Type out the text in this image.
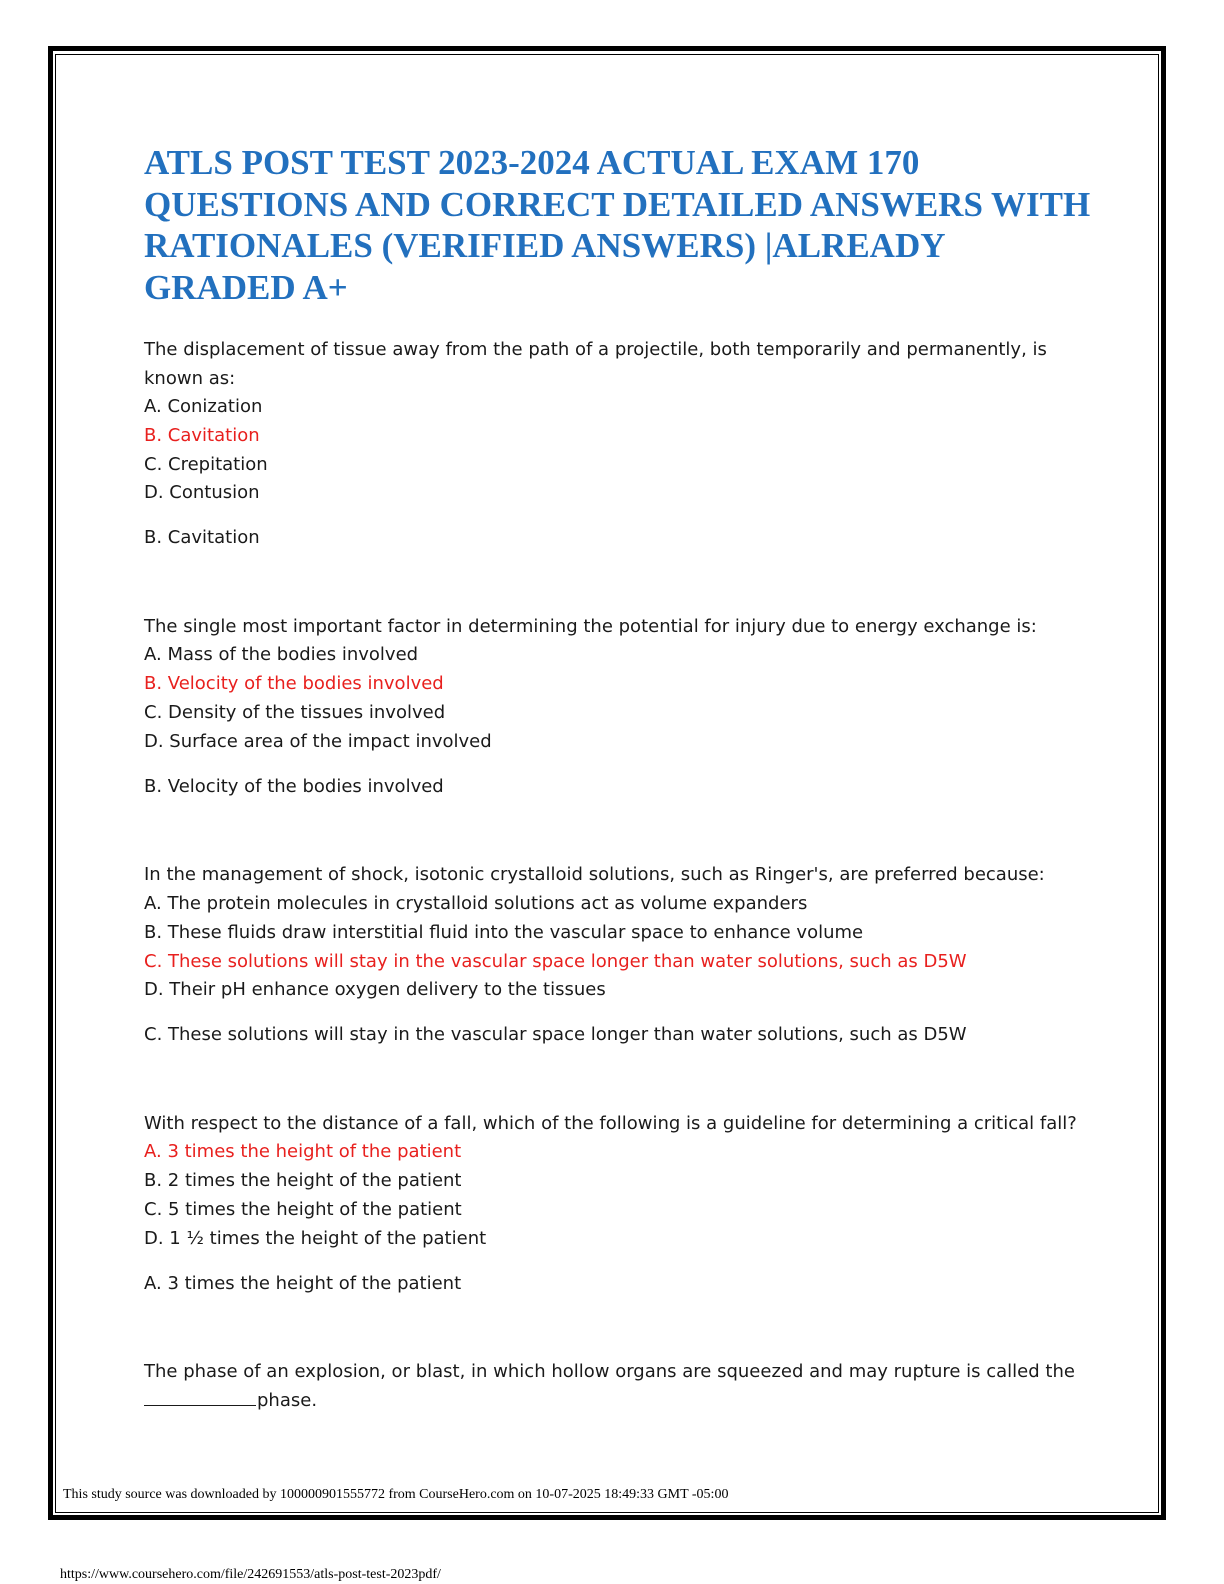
ATLS POST TEST 2023-2024 ACTUAL EXAM 170 QUESTIONS AND CORRECT DETAILED ANSWERS WITH RATIONALES (VERIFIED ANSWERS) |ALREADY GRADED A+

The displacement of tissue away from the path of a projectile, both temporarily and permanently, is known as:

A. Conization

B. Cavitation

C. Crepitation

D. Contusion

B. Cavitation

The single most important factor in determining the potential for injury due to energy exchange is:

A. Mass of the bodies involved

B. Velocity of the bodies involved

C. Density of the tissues involved

D. Surface area of the impact involved

B. Velocity of the bodies involved

In the management of shock, isotonic crystalloid solutions, such as Ringer's, are preferred because:

A. The protein molecules in crystalloid solutions act as volume expanders

B. These fluids draw interstitial fluid into the vascular space to enhance volume

C. These solutions will stay in the vascular space longer than water solutions, such as D5W

D. Their pH enhance oxygen delivery to the tissues

C. These solutions will stay in the vascular space longer than water solutions, such as D5W

With respect to the distance of a fall, which of the following is a guideline for determining a critical fall?

A. 3 times the height of the patient

B. 2 times the height of the patient

C. 5 times the height of the patient

D. 1 ½ times the height of the patient

A. 3 times the height of the patient

The phase of an explosion, or blast, in which hollow organs are squeezed and may rupture is called the

phase.

This study source was downloaded by 100000901555772 from CourseHero.com on 10-07-2025 18:49:33 GMT -05:00
https://www.coursehero.com/file/242691553/atls-post-test-2023pdf/
